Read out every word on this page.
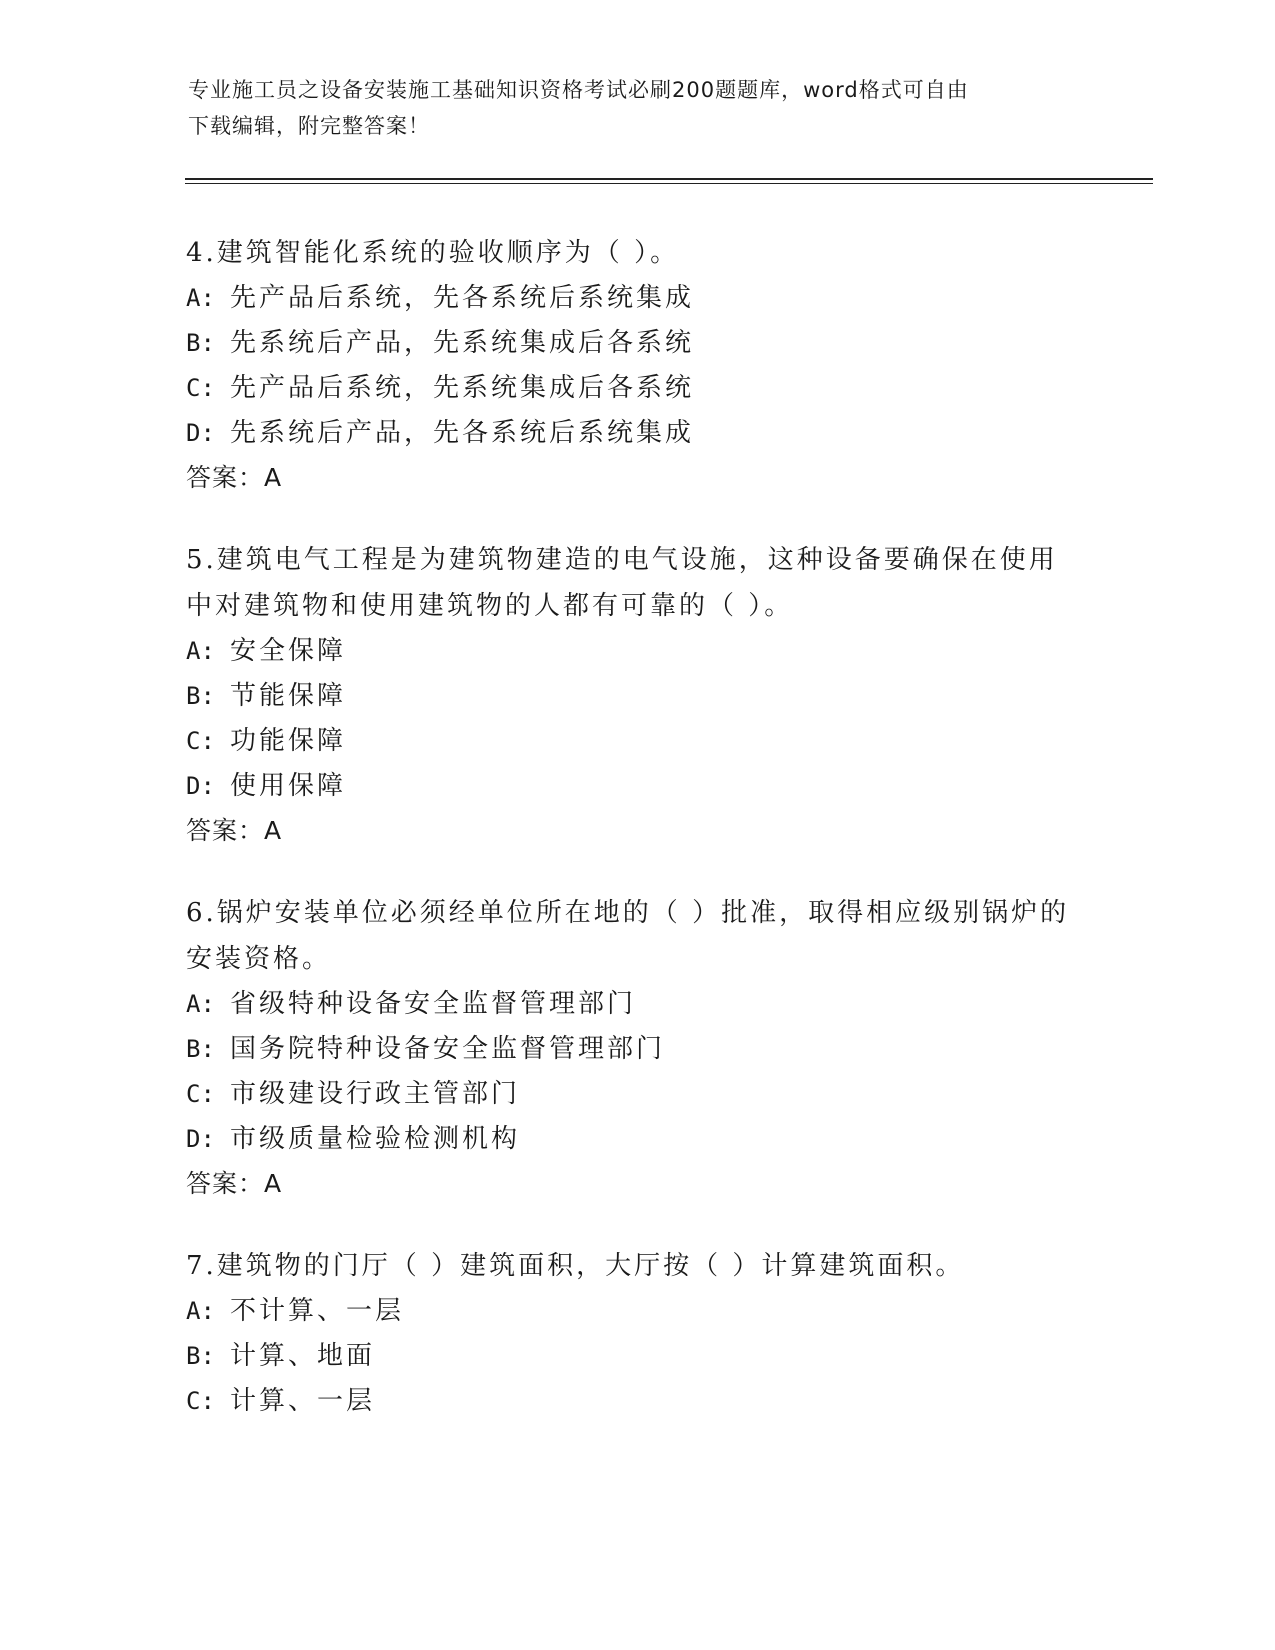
专业施工员之设备安装施工基础知识资格考试必刷200题题库，word格式可自由
下载编辑，附完整答案！
4.建筑智能化系统的验收顺序为（ ）。
A: 先产品后系统，先各系统后系统集成
B: 先系统后产品，先系统集成后各系统
C: 先产品后系统，先系统集成后各系统
D: 先系统后产品，先各系统后系统集成
答案：A
5.建筑电气工程是为建筑物建造的电气设施，这种设备要确保在使用
中对建筑物和使用建筑物的人都有可靠的（ ）。
A: 安全保障
B: 节能保障
C: 功能保障
D: 使用保障
答案：A
6.锅炉安装单位必须经单位所在地的（ ）批准，取得相应级别锅炉的
安装资格。
A: 省级特种设备安全监督管理部门
B: 国务院特种设备安全监督管理部门
C: 市级建设行政主管部门
D: 市级质量检验检测机构
答案：A
7.建筑物的门厅（ ）建筑面积，大厅按（ ）计算建筑面积。
A: 不计算、一层
B: 计算、地面
C: 计算、一层
